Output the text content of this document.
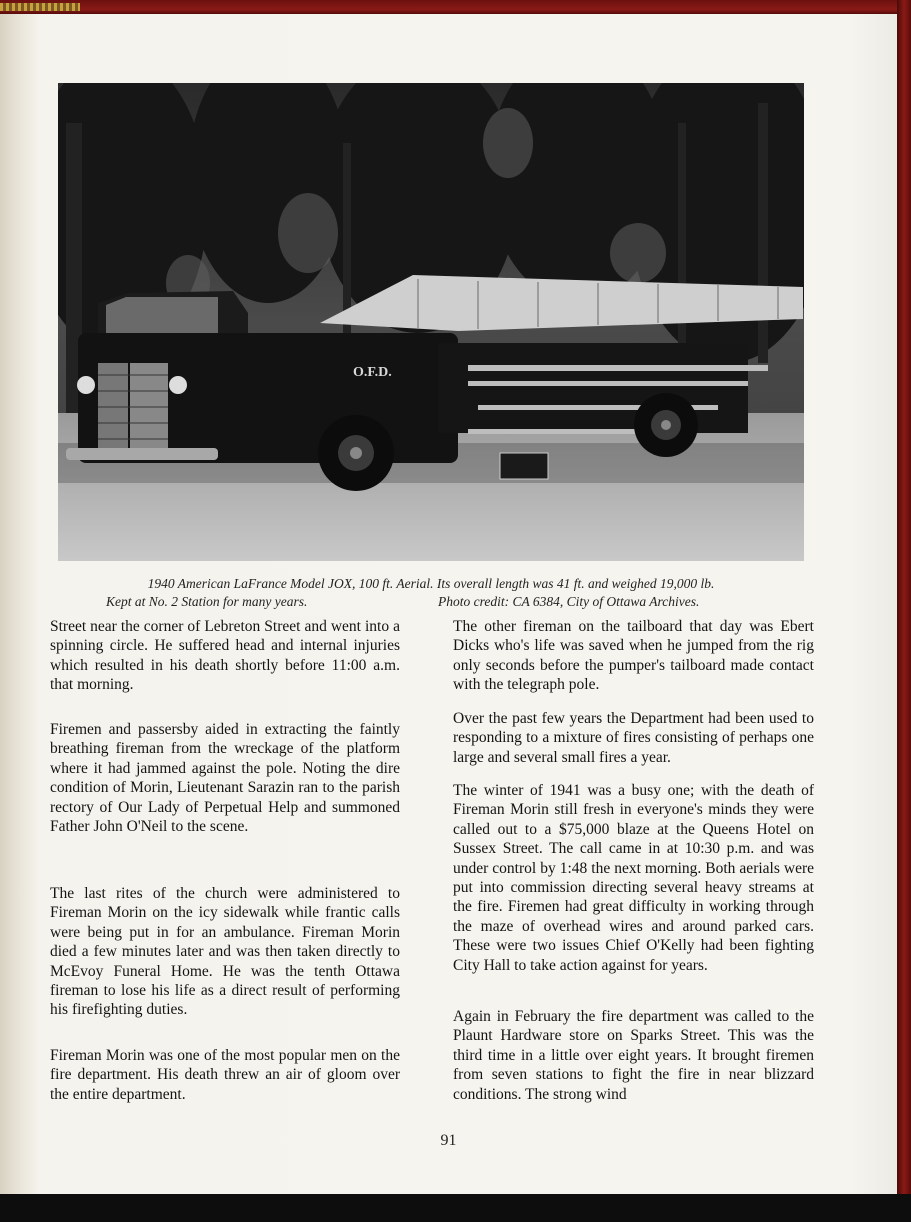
O.F.D.
1940 American LaFrance Model JOX, 100 ft. Aerial. Its overall length was 41 ft. and weighed 19,000 lb.
Kept at No. 2 Station for many years.	Photo credit: CA 6384, City of Ottawa Archives.

Street near the corner of Lebreton Street and went into a spinning circle. He suffered head and internal injuries which resulted in his death shortly before 11:00 a.m. that morning.

Firemen and passersby aided in extracting the faintly breathing fireman from the wreckage of the platform where it had jammed against the pole. Noting the dire condition of Morin, Lieutenant Sarazin ran to the parish rectory of Our Lady of Perpetual Help and summoned Father John O'Neil to the scene.

The last rites of the church were administered to Fireman Morin on the icy sidewalk while frantic calls were being put in for an ambulance. Fireman Morin died a few minutes later and was then taken directly to McEvoy Funeral Home. He was the tenth Ottawa fireman to lose his life as a direct result of performing his firefighting duties.

Fireman Morin was one of the most popular men on the fire department. His death threw an air of gloom over the entire department.

The other fireman on the tailboard that day was Ebert Dicks who's life was saved when he jumped from the rig only seconds before the pumper's tailboard made contact with the telegraph pole.

Over the past few years the Department had been used to responding to a mixture of fires consisting of perhaps one large and several small fires a year.

The winter of 1941 was a busy one; with the death of Fireman Morin still fresh in everyone's minds they were called out to a $75,000 blaze at the Queens Hotel on Sussex Street. The call came in at 10:30 p.m. and was under control by 1:48 the next morning. Both aerials were put into commission directing several heavy streams at the fire. Firemen had great difficulty in working through the maze of overhead wires and around parked cars. These were two issues Chief O'Kelly had been fighting City Hall to take action against for years.

Again in February the fire department was called to the Plaunt Hardware store on Sparks Street. This was the third time in a little over eight years. It brought firemen from seven stations to fight the fire in near blizzard conditions. The strong wind

91
